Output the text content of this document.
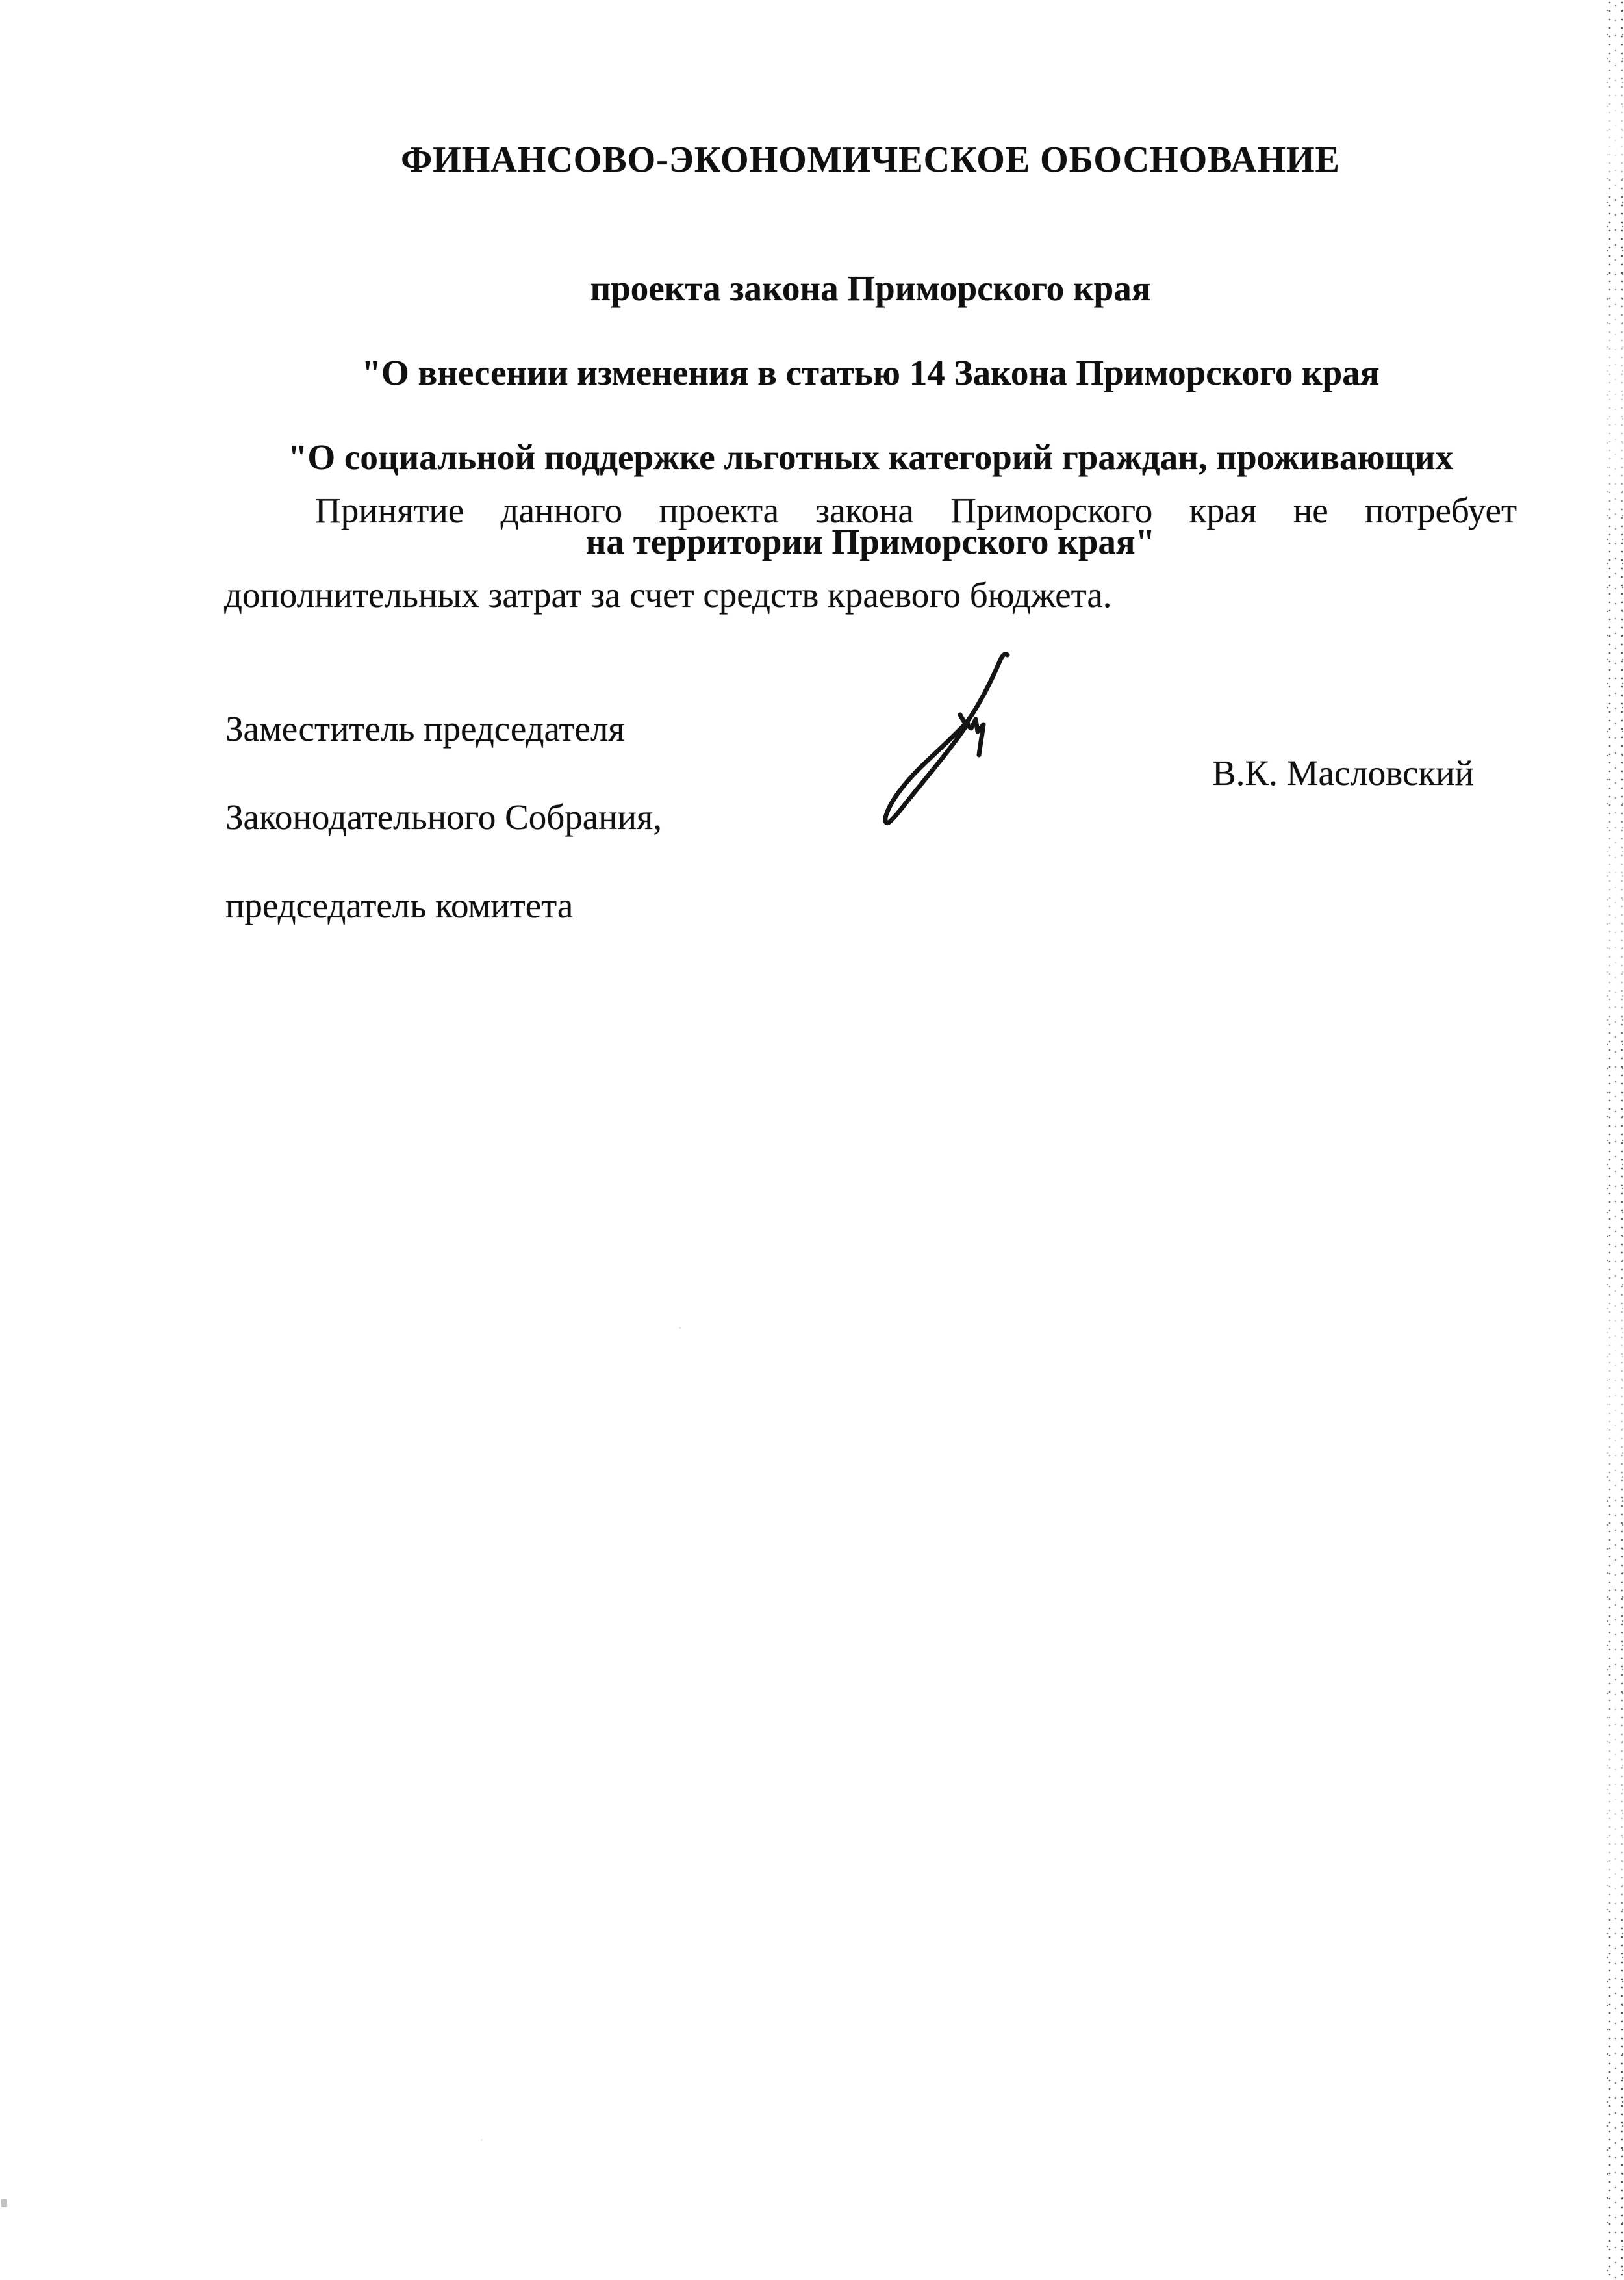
ФИНАНСОВО-ЭКОНОМИЧЕСКОЕ ОБОСНОВАНИЕ

проекта закона Приморского края

"О внесении изменения в статью 14 Закона Приморского края

"О социальной поддержке льготных категорий граждан, проживающих

на территории Приморского края"

Принятие данного проекта закона Приморского края не потребует

дополнительных затрат за счет средств краевого бюджета.

Заместитель председателя

Законодательного Собрания,

председатель комитета

В.К. Масловский
